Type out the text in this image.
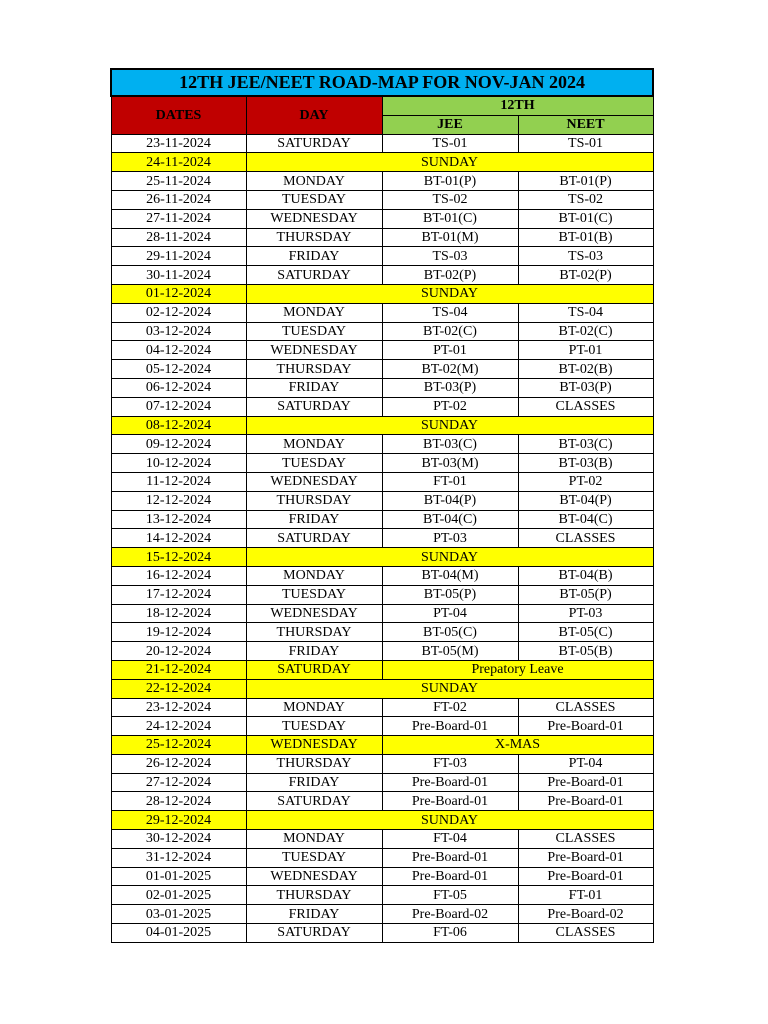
12TH JEE/NEET ROAD-MAP FOR NOV-JAN 2024			
DATES	DAY	12TH	
		JEE	NEET
23-11-2024	SATURDAY	TS-01	TS-01
24-11-2024	SUNDAY		
25-11-2024	MONDAY	BT-01(P)	BT-01(P)
26-11-2024	TUESDAY	TS-02	TS-02
27-11-2024	WEDNESDAY	BT-01(C)	BT-01(C)
28-11-2024	THURSDAY	BT-01(M)	BT-01(B)
29-11-2024	FRIDAY	TS-03	TS-03
30-11-2024	SATURDAY	BT-02(P)	BT-02(P)
01-12-2024	SUNDAY		
02-12-2024	MONDAY	TS-04	TS-04
03-12-2024	TUESDAY	BT-02(C)	BT-02(C)
04-12-2024	WEDNESDAY	PT-01	PT-01
05-12-2024	THURSDAY	BT-02(M)	BT-02(B)
06-12-2024	FRIDAY	BT-03(P)	BT-03(P)
07-12-2024	SATURDAY	PT-02	CLASSES
08-12-2024	SUNDAY		
09-12-2024	MONDAY	BT-03(C)	BT-03(C)
10-12-2024	TUESDAY	BT-03(M)	BT-03(B)
11-12-2024	WEDNESDAY	FT-01	PT-02
12-12-2024	THURSDAY	BT-04(P)	BT-04(P)
13-12-2024	FRIDAY	BT-04(C)	BT-04(C)
14-12-2024	SATURDAY	PT-03	CLASSES
15-12-2024	SUNDAY		
16-12-2024	MONDAY	BT-04(M)	BT-04(B)
17-12-2024	TUESDAY	BT-05(P)	BT-05(P)
18-12-2024	WEDNESDAY	PT-04	PT-03
19-12-2024	THURSDAY	BT-05(C)	BT-05(C)
20-12-2024	FRIDAY	BT-05(M)	BT-05(B)
21-12-2024	SATURDAY	Prepatory Leave	
22-12-2024	SUNDAY		
23-12-2024	MONDAY	FT-02	CLASSES
24-12-2024	TUESDAY	Pre-Board-01	Pre-Board-01
25-12-2024	WEDNESDAY	X-MAS	
26-12-2024	THURSDAY	FT-03	PT-04
27-12-2024	FRIDAY	Pre-Board-01	Pre-Board-01
28-12-2024	SATURDAY	Pre-Board-01	Pre-Board-01
29-12-2024	SUNDAY		
30-12-2024	MONDAY	FT-04	CLASSES
31-12-2024	TUESDAY	Pre-Board-01	Pre-Board-01
01-01-2025	WEDNESDAY	Pre-Board-01	Pre-Board-01
02-01-2025	THURSDAY	FT-05	FT-01
03-01-2025	FRIDAY	Pre-Board-02	Pre-Board-02
04-01-2025	SATURDAY	FT-06	CLASSES
